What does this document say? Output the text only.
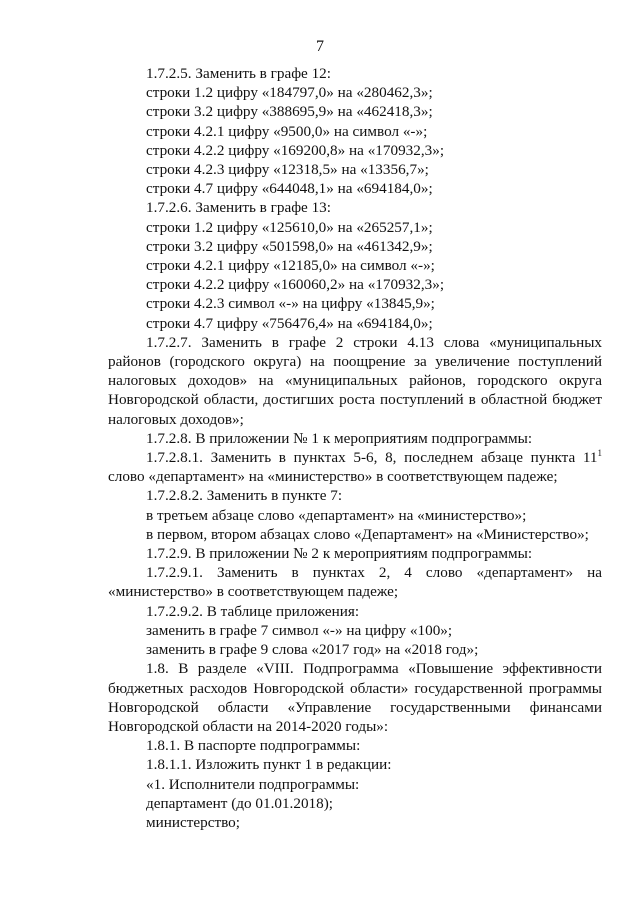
7

1.7.2.5. Заменить в графе 12:

строки 1.2 цифру «184797,0» на «280462,3»;

строки 3.2 цифру «388695,9» на «462418,3»;

строки 4.2.1 цифру «9500,0» на символ «-»;

строки 4.2.2 цифру «169200,8» на «170932,3»;

строки 4.2.3 цифру «12318,5» на «13356,7»;

строки 4.7 цифру «644048,1» на «694184,0»;

1.7.2.6. Заменить в графе 13:

строки 1.2 цифру «125610,0» на «265257,1»;

строки 3.2 цифру «501598,0» на «461342,9»;

строки 4.2.1 цифру «12185,0» на символ «-»;

строки 4.2.2 цифру «160060,2» на «170932,3»;

строки 4.2.3 символ «-» на цифру «13845,9»;

строки 4.7 цифру «756476,4» на «694184,0»;

1.7.2.7. Заменить в графе 2 строки 4.13 слова «муниципальных районов (городского округа) на поощрение за увеличение поступлений налоговых доходов» на «муниципальных районов, городского округа Новгородской области, достигших роста поступлений в областной бюджет налоговых доходов»;

1.7.2.8. В приложении № 1 к мероприятиям подпрограммы:

1.7.2.8.1. Заменить в пунктах 5-6, 8, последнем абзаце пункта $11^1$ слово «департамент» на «министерство» в соответствующем падеже;

1.7.2.8.2. Заменить в пункте 7:

в третьем абзаце слово «департамент» на «министерство»;

в первом, втором абзацах слово «Департамент» на «Министерство»;

1.7.2.9. В приложении № 2 к мероприятиям подпрограммы:

1.7.2.9.1. Заменить в пунктах 2, 4 слово «департамент» на «министерство» в соответствующем падеже;

1.7.2.9.2. В таблице приложения:

заменить в графе 7 символ «-» на цифру «100»;

заменить в графе 9 слова «2017 год» на «2018 год»;

1.8. В разделе «VIII. Подпрограмма «Повышение эффективности бюджетных расходов Новгородской области» государственной программы Новгородской области «Управление государственными финансами Новгородской области на 2014-2020 годы»:

1.8.1. В паспорте подпрограммы:

1.8.1.1. Изложить пункт 1 в редакции:

«1. Исполнители подпрограммы:

департамент (до 01.01.2018);

министерство;
